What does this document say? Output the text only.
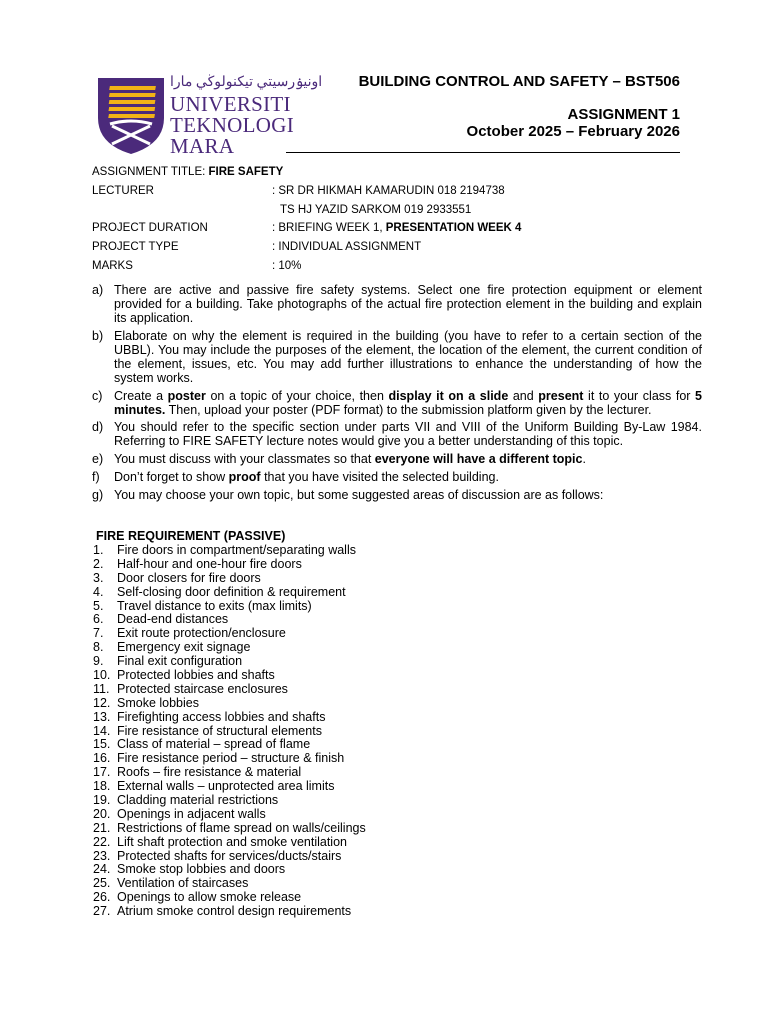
اونيۏرسيتي تيكنولوڬي مارا
UNIVERSITI
TEKNOLOGI
MARA
BUILDING CONTROL AND SAFETY – BST506
ASSIGNMENT 1
October 2025 – February 2026
ASSIGNMENT TITLE: FIRE SAFETY
LECTURER	: SR DR HIKMAH KAMARUDIN 018 2194738
TS HJ YAZID SARKOM 019 2933551
PROJECT DURATION	: BRIEFING WEEK 1, PRESENTATION WEEK 4
PROJECT TYPE	: INDIVIDUAL ASSIGNMENT
MARKS	: 10%
a) There are active and passive fire safety systems. Select one fire protection equipment or element provided for a building. Take photographs of the actual fire protection element in the building and explain its application.
b) Elaborate on why the element is required in the building (you have to refer to a certain section of the UBBL). You may include the purposes of the element, the location of the element, the current condition of the element, issues, etc. You may add further illustrations to enhance the understanding of how the system works.
c) Create a poster on a topic of your choice, then display it on a slide and present it to your class for 5 minutes. Then, upload your poster (PDF format) to the submission platform given by the lecturer.
d) You should refer to the specific section under parts VII and VIII of the Uniform Building By-Law 1984. Referring to FIRE SAFETY lecture notes would give you a better understanding of this topic.
e) You must discuss with your classmates so that everyone will have a different topic.
f) Don’t forget to show proof that you have visited the selected building.
g) You may choose your own topic, but some suggested areas of discussion are as follows:
FIRE REQUIREMENT (PASSIVE)
1. Fire doors in compartment/separating walls
2. Half-hour and one-hour fire doors
3. Door closers for fire doors
4. Self-closing door definition & requirement
5. Travel distance to exits (max limits)
6. Dead-end distances
7. Exit route protection/enclosure
8. Emergency exit signage
9. Final exit configuration
10. Protected lobbies and shafts
11. Protected staircase enclosures
12. Smoke lobbies
13. Firefighting access lobbies and shafts
14. Fire resistance of structural elements
15. Class of material – spread of flame
16. Fire resistance period – structure & finish
17. Roofs – fire resistance & material
18. External walls – unprotected area limits
19. Cladding material restrictions
20. Openings in adjacent walls
21. Restrictions of flame spread on walls/ceilings
22. Lift shaft protection and smoke ventilation
23. Protected shafts for services/ducts/stairs
24. Smoke stop lobbies and doors
25. Ventilation of staircases
26. Openings to allow smoke release
27. Atrium smoke control design requirements
